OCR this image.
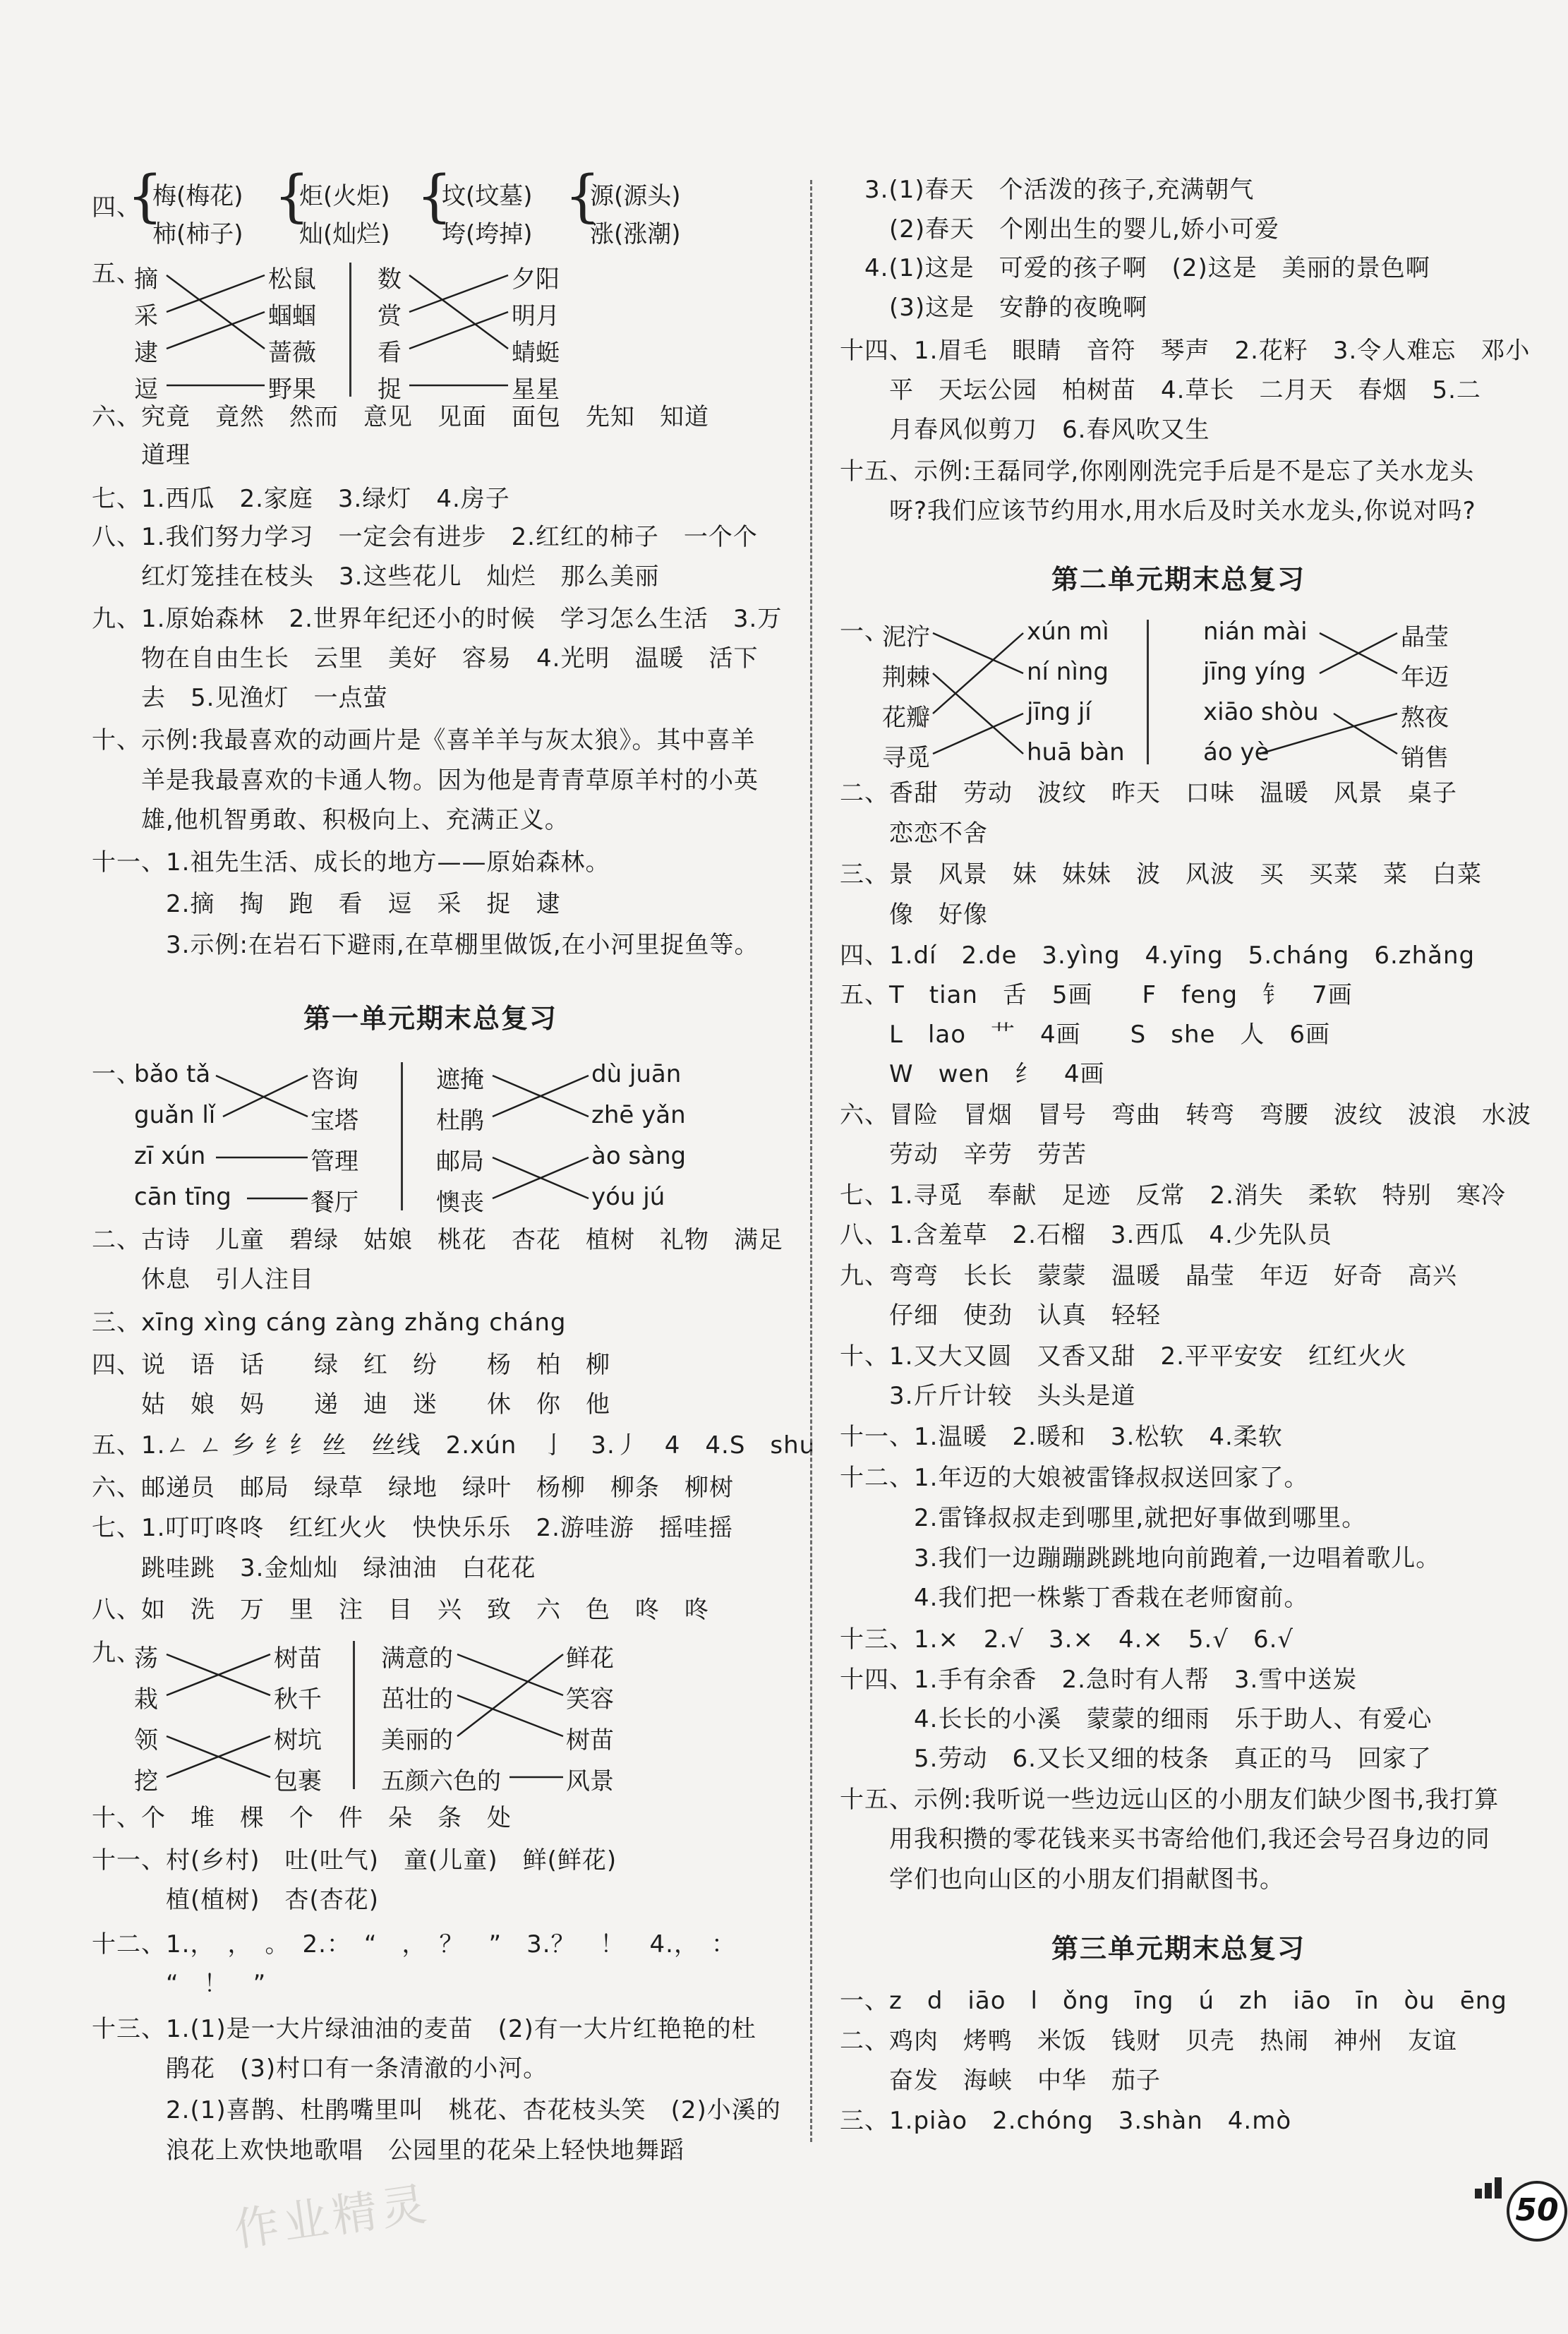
四、
{
梅(梅花)
柿(柿子)
{
炬(火炬)
灿(灿烂)
{
坟(坟墓)
垮(垮掉)
{
源(源头)
涨(涨潮)
五、
摘
采
逮
逗
松鼠
蝈蝈
蔷薇
野果
数
赏
看
捉
夕阳
明月
蜻蜓
星星
六、究竟　竟然　然而　意见　见面　面包　先知　知道
　　道理
七、1.西瓜　2.家庭　3.绿灯　4.房子
八、1.我们努力学习　一定会有进步　2.红红的柿子　一个个
　　红灯笼挂在枝头　3.这些花儿　灿烂　那么美丽
九、1.原始森林　2.世界年纪还小的时候　学习怎么生活　3.万
　　物在自由生长　云里　美好　容易　4.光明　温暖　活下
　　去　5.见渔灯　一点萤
十、示例:我最喜欢的动画片是《喜羊羊与灰太狼》。其中喜羊
　　羊是我最喜欢的卡通人物。因为他是青青草原羊村的小英
　　雄,他机智勇敢、积极向上、充满正义。
十一、1.祖先生活、成长的地方——原始森林。
　　　2.摘　掏　跑　看　逗　采　捉　逮
　　　3.示例:在岩石下避雨,在草棚里做饭,在小河里捉鱼等。
第一单元期末总复习
一、
bǎo tǎ
guǎn lǐ
zī xún
cān tīng
咨询
宝塔
管理
餐厅
遮掩
杜鹃
邮局
懊丧
dù juān
zhē yǎn
ào sàng
yóu jú
二、古诗　儿童　碧绿　姑娘　桃花　杏花　植树　礼物　满足
　　休息　引人注目
三、xīng xìng cáng zàng zhǎng cháng
四、说　语　话　　绿　红　纷　　杨　柏　柳
　　姑　娘　妈　　递　迪　迷　　休　你　他
五、1.ㄥ ㄥ 乡 纟纟 丝　丝线　2.xún　亅　3.丿　4　4.S　shu
六、邮递员　邮局　绿草　绿地　绿叶　杨柳　柳条　柳树
七、1.叮叮咚咚　红红火火　快快乐乐　2.游哇游　摇哇摇
　　跳哇跳　3.金灿灿　绿油油　白花花
八、如　洗　万　里　注　目　兴　致　六　色　咚　咚
九、
荡
栽
领
挖
树苗
秋千
树坑
包裹
满意的
茁壮的
美丽的
五颜六色的
鲜花
笑容
树苗
风景
十、个　堆　棵　个　件　朵　条　处
十一、村(乡村)　吐(吐气)　童(儿童)　鲜(鲜花)
　　　植(植树)　杏(杏花)
十二、1.，　，　。　2.：　“　，　？　”　3.？　！　4.，　：
　　　“　！　”
十三、1.(1)是一大片绿油油的麦苗　(2)有一大片红艳艳的杜
　　　鹃花　(3)村口有一条清澈的小河。
　　　2.(1)喜鹊、杜鹃嘴里叫　桃花、杏花枝头笑　(2)小溪的
　　　浪花上欢快地歌唱　公园里的花朵上轻快地舞蹈
　3.(1)春天　个活泼的孩子,充满朝气
　　(2)春天　个刚出生的婴儿,娇小可爱
　4.(1)这是　可爱的孩子啊　(2)这是　美丽的景色啊
　　(3)这是　安静的夜晚啊
十四、1.眉毛　眼睛　音符　琴声　2.花籽　3.令人难忘　邓小
　　平　天坛公园　柏树苗　4.草长　二月天　春烟　5.二
　　月春风似剪刀　6.春风吹又生
十五、示例:王磊同学,你刚刚洗完手后是不是忘了关水龙头
　　呀?我们应该节约用水,用水后及时关水龙头,你说对吗?
第二单元期末总复习
一、
泥泞
荆棘
花瓣
寻觅
xún mì
ní nìng
jīng jí
huā bàn
nián mài
jīng yíng
xiāo shòu
áo yè
晶莹
年迈
熬夜
销售
二、香甜　劳动　波纹　昨天　口味　温暖　风景　桌子
　　恋恋不舍
三、景　风景　妹　妹妹　波　风波　买　买菜　菜　白菜
　　像　好像
四、1.dí　2.de　3.yìng　4.yīng　5.cháng　6.zhǎng
五、T　tian　舌　5画　　F　feng　钅　7画
　　L　lao　艹　4画　　S　she　人　6画
　　W　wen　纟　4画
六、冒险　冒烟　冒号　弯曲　转弯　弯腰　波纹　波浪　水波
　　劳动　辛劳　劳苦
七、1.寻觅　奉献　足迹　反常　2.消失　柔软　特别　寒冷
八、1.含羞草　2.石榴　3.西瓜　4.少先队员
九、弯弯　长长　蒙蒙　温暖　晶莹　年迈　好奇　高兴
　　仔细　使劲　认真　轻轻
十、1.又大又圆　又香又甜　2.平平安安　红红火火
　　3.斤斤计较　头头是道
十一、1.温暖　2.暖和　3.松软　4.柔软
十二、1.年迈的大娘被雷锋叔叔送回家了。
　　　2.雷锋叔叔走到哪里,就把好事做到哪里。
　　　3.我们一边蹦蹦跳跳地向前跑着,一边唱着歌儿。
　　　4.我们把一株紫丁香栽在老师窗前。
十三、1.×　2.√　3.×　4.×　5.√　6.√
十四、1.手有余香　2.急时有人帮　3.雪中送炭
　　　4.长长的小溪　蒙蒙的细雨　乐于助人、有爱心
　　　5.劳动　6.又长又细的枝条　真正的马　回家了
十五、示例:我听说一些边远山区的小朋友们缺少图书,我打算
　　用我积攒的零花钱来买书寄给他们,我还会号召身边的同
　　学们也向山区的小朋友们捐献图书。
第三单元期末总复习
一、z　d　iāo　l　ǒng　īng　ú　zh　iāo　īn　òu　ēng
二、鸡肉　烤鸭　米饭　钱财　贝壳　热闹　神州　友谊
　　奋发　海峡　中华　茄子
三、1.piào　2.chóng　3.shàn　4.mò
作业精灵	50
